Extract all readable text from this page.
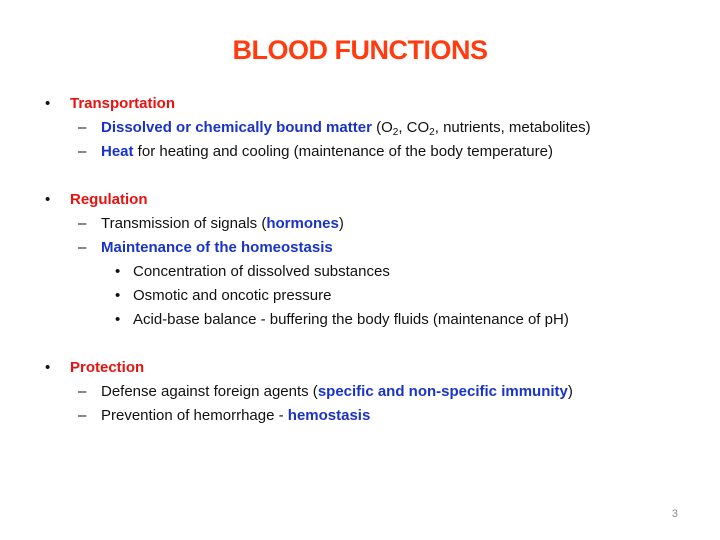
BLOOD FUNCTIONS
• Transportation
– Dissolved or chemically bound matter ($O_2$, $CO_2$, nutrients, metabolites)
– Heat for heating and cooling (maintenance of the body temperature)
• Regulation
– Transmission of signals (hormones)
– Maintenance of the homeostasis
• Concentration of dissolved substances
• Osmotic and oncotic pressure
• Acid-base balance - buffering the body fluids (maintenance of pH)
• Protection
– Defense against foreign agents (specific and non-specific immunity)
– Prevention of hemorrhage - hemostasis
3
